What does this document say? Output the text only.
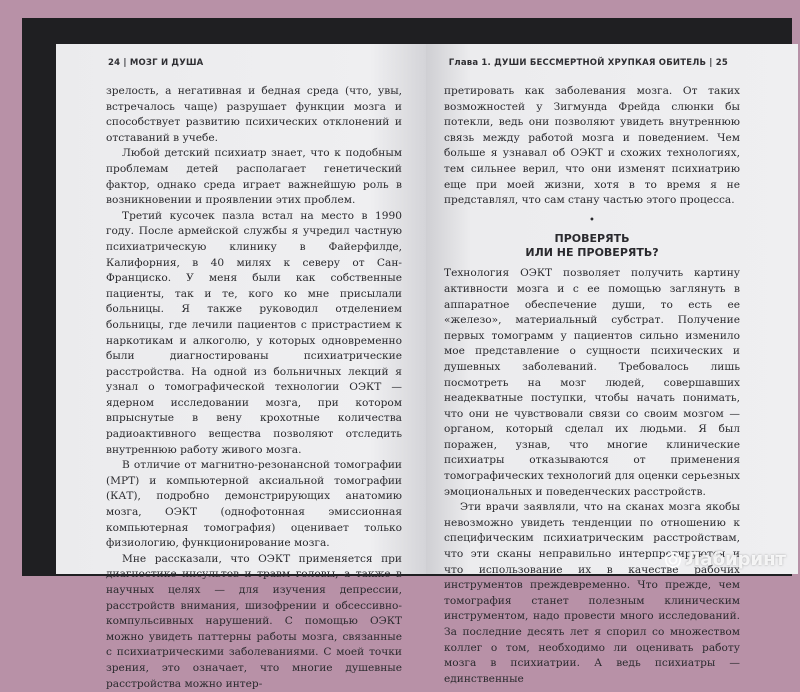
24 | МОЗГ И ДУША

зрелость, а негативная и бедная среда (что, увы, встречалось чаще) разрушает функции мозга и способствует развитию психических отклонений и отставаний в учебе.

Любой детский психиатр знает, что к подобным проблемам детей располагает генетический фактор, однако среда играет важнейшую роль в возникновении и проявлении этих проблем.

Третий кусочек пазла встал на место в 1990 году. После армейской службы я учредил частную психиатрическую клинику в Файерфилде, Калифорния, в 40 милях к северу от Сан-Франциско. У меня были как собственные пациенты, так и те, кого ко мне присылали больницы. Я также руководил отделением больницы, где лечили пациентов с пристрастием к наркотикам и алкоголю, у которых одновременно были диагностированы психиатрические расстройства. На одной из больничных лекций я узнал о томографической технологии ОЭКТ — ядерном исследовании мозга, при котором впрыснутые в вену крохотные количества радиоактивного вещества позволяют отследить внутреннюю работу живого мозга.

В отличие от магнитно-резонансной томографии (МРТ) и компьютерной аксиальной томографии (КАТ), подробно демонстрирующих анатомию мозга, ОЭКТ (однофотонная эмиссионная компьютерная томография) оценивает только физиологию, функционирование мозга.

Мне рассказали, что ОЭКТ применяется при диагностике инсультов и травм головы, а также в научных целях — для изучения депрессии, расстройств внимания, шизофрении и обсессивно-компульсивных нарушений. С помощью ОЭКТ можно увидеть паттерны работы мозга, связанные с психиатрическими заболеваниями. С моей точки зрения, это означает, что многие душевные расстройства можно интер-

Глава 1. ДУШИ БЕССМЕРТНОЙ ХРУПКАЯ ОБИТЕЛЬ | 25

претировать как заболевания мозга. От таких возможностей у Зигмунда Фрейда слюнки бы потекли, ведь они позволяют увидеть внутреннюю связь между работой мозга и поведением. Чем больше я узнавал об ОЭКТ и схожих технологиях, тем сильнее верил, что они изменят психиатрию еще при моей жизни, хотя в то время я не представлял, что сам стану частью этого процесса.

•
ПРОВЕРЯТЬ
ИЛИ НЕ ПРОВЕРЯТЬ?

Технология ОЭКТ позволяет получить картину активности мозга и с ее помощью заглянуть в аппаратное обеспечение души, то есть ее «железо», материальный субстрат. Получение первых томограмм у пациентов сильно изменило мое представление о сущности психических и душевных заболеваний. Требовалось лишь посмотреть на мозг людей, совершавших неадекватные поступки, чтобы начать понимать, что они не чувствовали связи со своим мозгом — органом, который сделал их людьми. Я был поражен, узнав, что многие клинические психиатры отказываются от применения томографических технологий для оценки серьезных эмоциональных и поведенческих расстройств.

Эти врачи заявляли, что на сканах мозга якобы невозможно увидеть тенденции по отношению к специфическим психиатрическим расстройствам, что эти сканы неправильно интерпретируются и что использование их в качестве рабочих инструментов преждевременно. Что прежде, чем томография станет полезным клиническим инструментом, надо провести много исследований. За последние десять лет я спорил со множеством коллег о том, необходимо ли оценивать работу мозга в психиатрии. А ведь психиатры — единственные

Лабиринт
